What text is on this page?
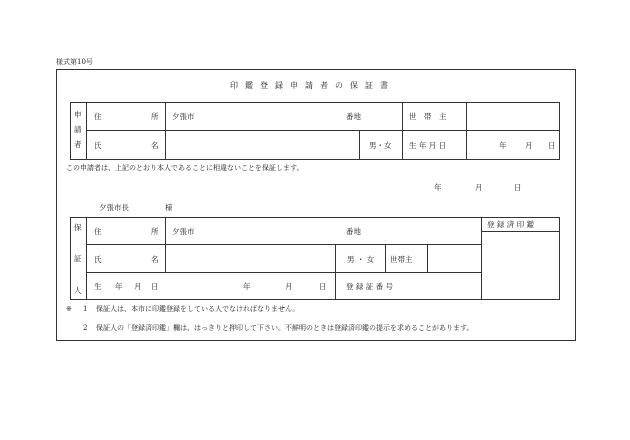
様式第10号
印鑑登録申請者の保証書
申
請
者
住	所 夕張市	番地	世　帯　主
氏	名	男・女 生 年 月 日	年 月 日
この申請者は、上記のとおり本人であることに相違ないことを保証します。
年	月	日
夕張市長	様
保
証
人
住	所 夕張市	番地
登 録 済 印 鑑
氏	名	男 ・ 女 世帯主
生 年 月 日	年	月	日	登 録 証 番 号
※ 1 保証人は、本市に印鑑登録をしている人でなければなりません。
2 保証人の「登録済印鑑」欄は、はっきりと押印して下さい。不鮮明のときは登録済印鑑の提示を求めることがあります。
